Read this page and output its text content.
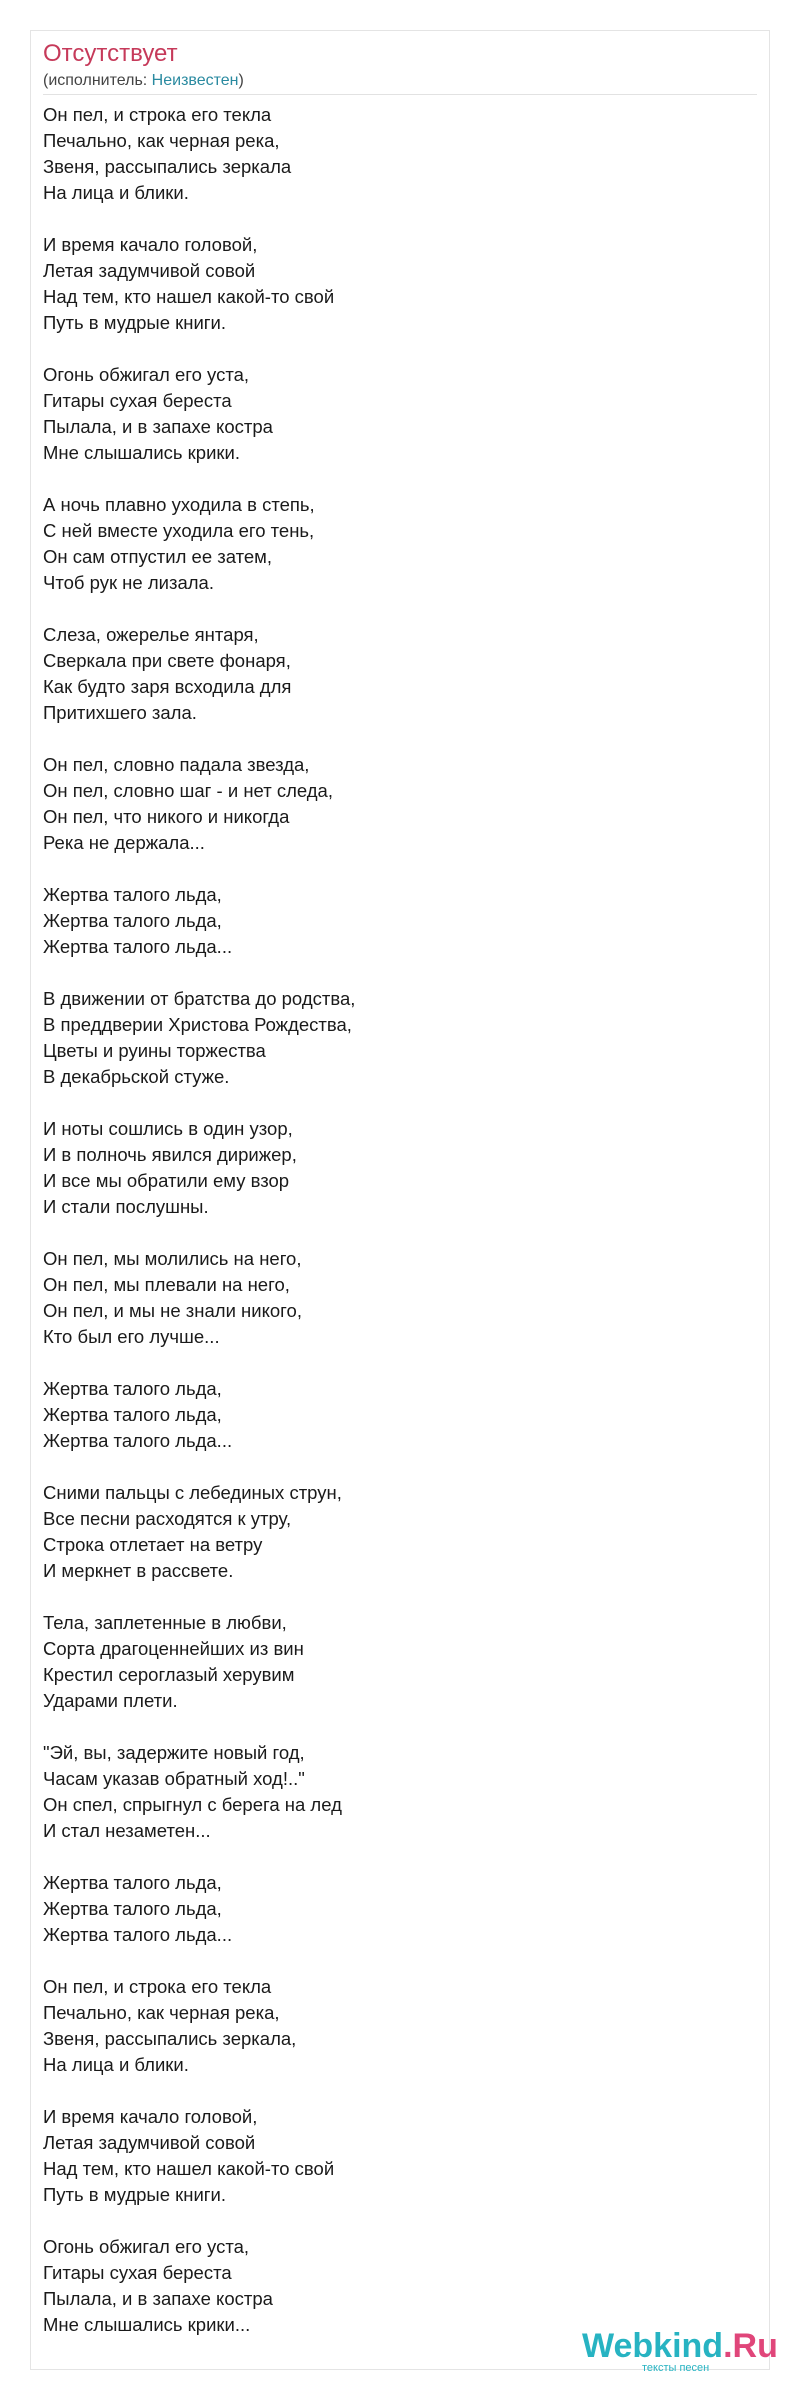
Отсутствует
(исполнитель: Неизвестен)
Он пел, и строка его текла
Печально, как черная река,
Звеня, рассыпались зеркала
На лица и блики.
И время качало головой,
Летая задумчивой совой
Над тем, кто нашел какой-то свой
Путь в мудрые книги.
Огонь обжигал его уста,
Гитары сухая береста
Пылала, и в запахе костра
Мне слышались крики.
А ночь плавно уходила в степь,
С ней вместе уходила его тень,
Он сам отпустил ее затем,
Чтоб рук не лизала.
Слеза, ожерелье янтаря,
Сверкала при свете фонаря,
Как будто заря всходила для
Притихшего зала.
Он пел, словно падала звезда,
Он пел, словно шаг - и нет следа,
Он пел, что никого и никогда
Река не держала...
Жертва талого льда,
Жертва талого льда,
Жертва талого льда...
В движении от братства до родства,
В преддверии Христова Рождества,
Цветы и руины торжества
В декабрьской стуже.
И ноты сошлись в один узор,
И в полночь явился дирижер,
И все мы обратили ему взор
И стали послушны.
Он пел, мы молились на него,
Он пел, мы плевали на него,
Он пел, и мы не знали никого,
Кто был его лучше...
Жертва талого льда,
Жертва талого льда,
Жертва талого льда...
Сними пальцы с лебединых струн,
Все песни расходятся к утру,
Строка отлетает на ветру
И меркнет в рассвете.
Тела, заплетенные в любви,
Сорта драгоценнейших из вин
Крестил сероглазый херувим
Ударами плети.
"Эй, вы, задержите новый год,
Часам указав обратный ход!.."
Он спел, спрыгнул с берега на лед
И стал незаметен...
Жертва талого льда,
Жертва талого льда,
Жертва талого льда...
Он пел, и строка его текла
Печально, как черная река,
Звеня, рассыпались зеркала,
На лица и блики.
И время качало головой,
Летая задумчивой совой
Над тем, кто нашел какой-то свой
Путь в мудрые книги.
Огонь обжигал его уста,
Гитары сухая береста
Пылала, и в запахе костра
Мне слышались крики...
Webkind.Ru
тексты песен
